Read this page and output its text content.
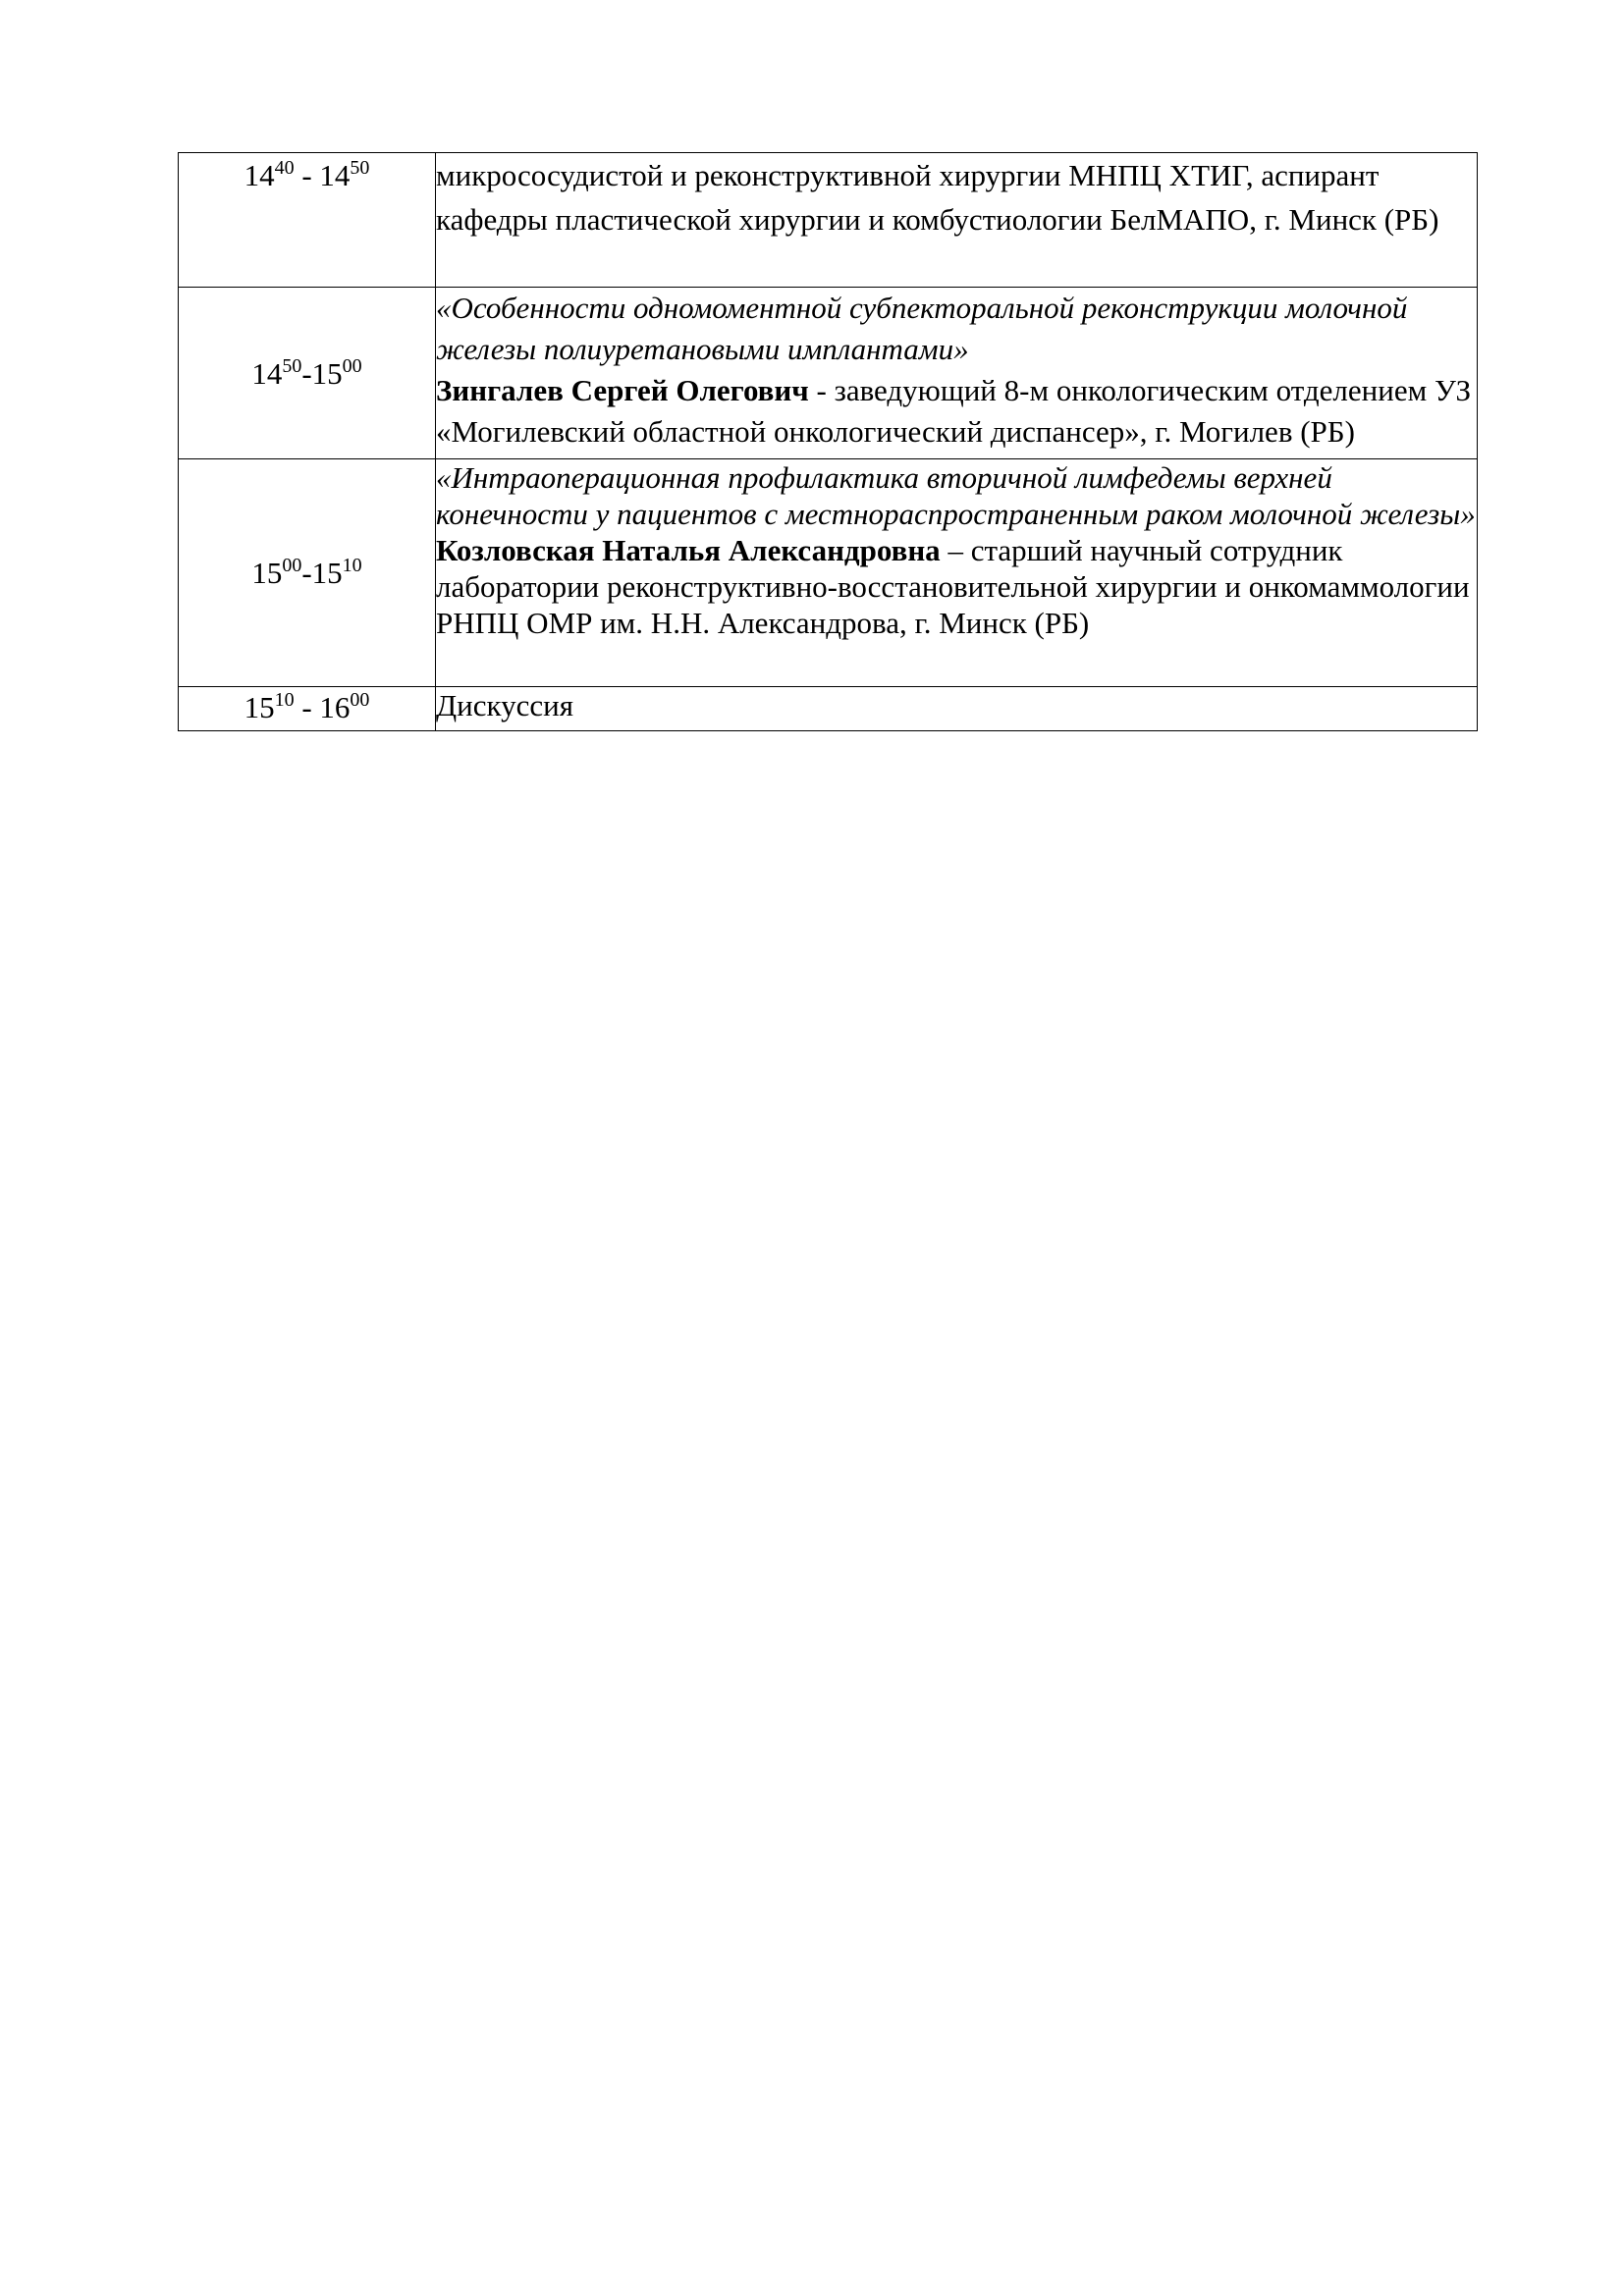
$14^{40} - 14^{50}$	микрососудистой и реконструктивной хирургии МНПЦ ХТИГ, аспирант кафедры пластической хирургии и комбустиологии БелМАПО, г. Минск (РБ)
$14^{50}-15^{00}$	«Особенности одномоментной субпекторальной реконструкции молочной железы полиуретановыми имплантами»
Зингалев Сергей Олегович - заведующий 8-м онкологическим отделением УЗ «Могилевский областной онкологический диспансер», г. Могилев (РБ)

$15^{00}-15^{10}$	«Интраоперационная профилактика вторичной лимфедемы верхней конечности у пациентов с местнораспространенным раком молочной железы»
Козловская Наталья Александровна – старший научный сотрудник лаборатории реконструктивно-восстановительной хирургии и онкомаммологии РНПЦ ОМР им. Н.Н. Александрова, г. Минск (РБ)

$15^{10} - 16^{00}$	Дискуссия
